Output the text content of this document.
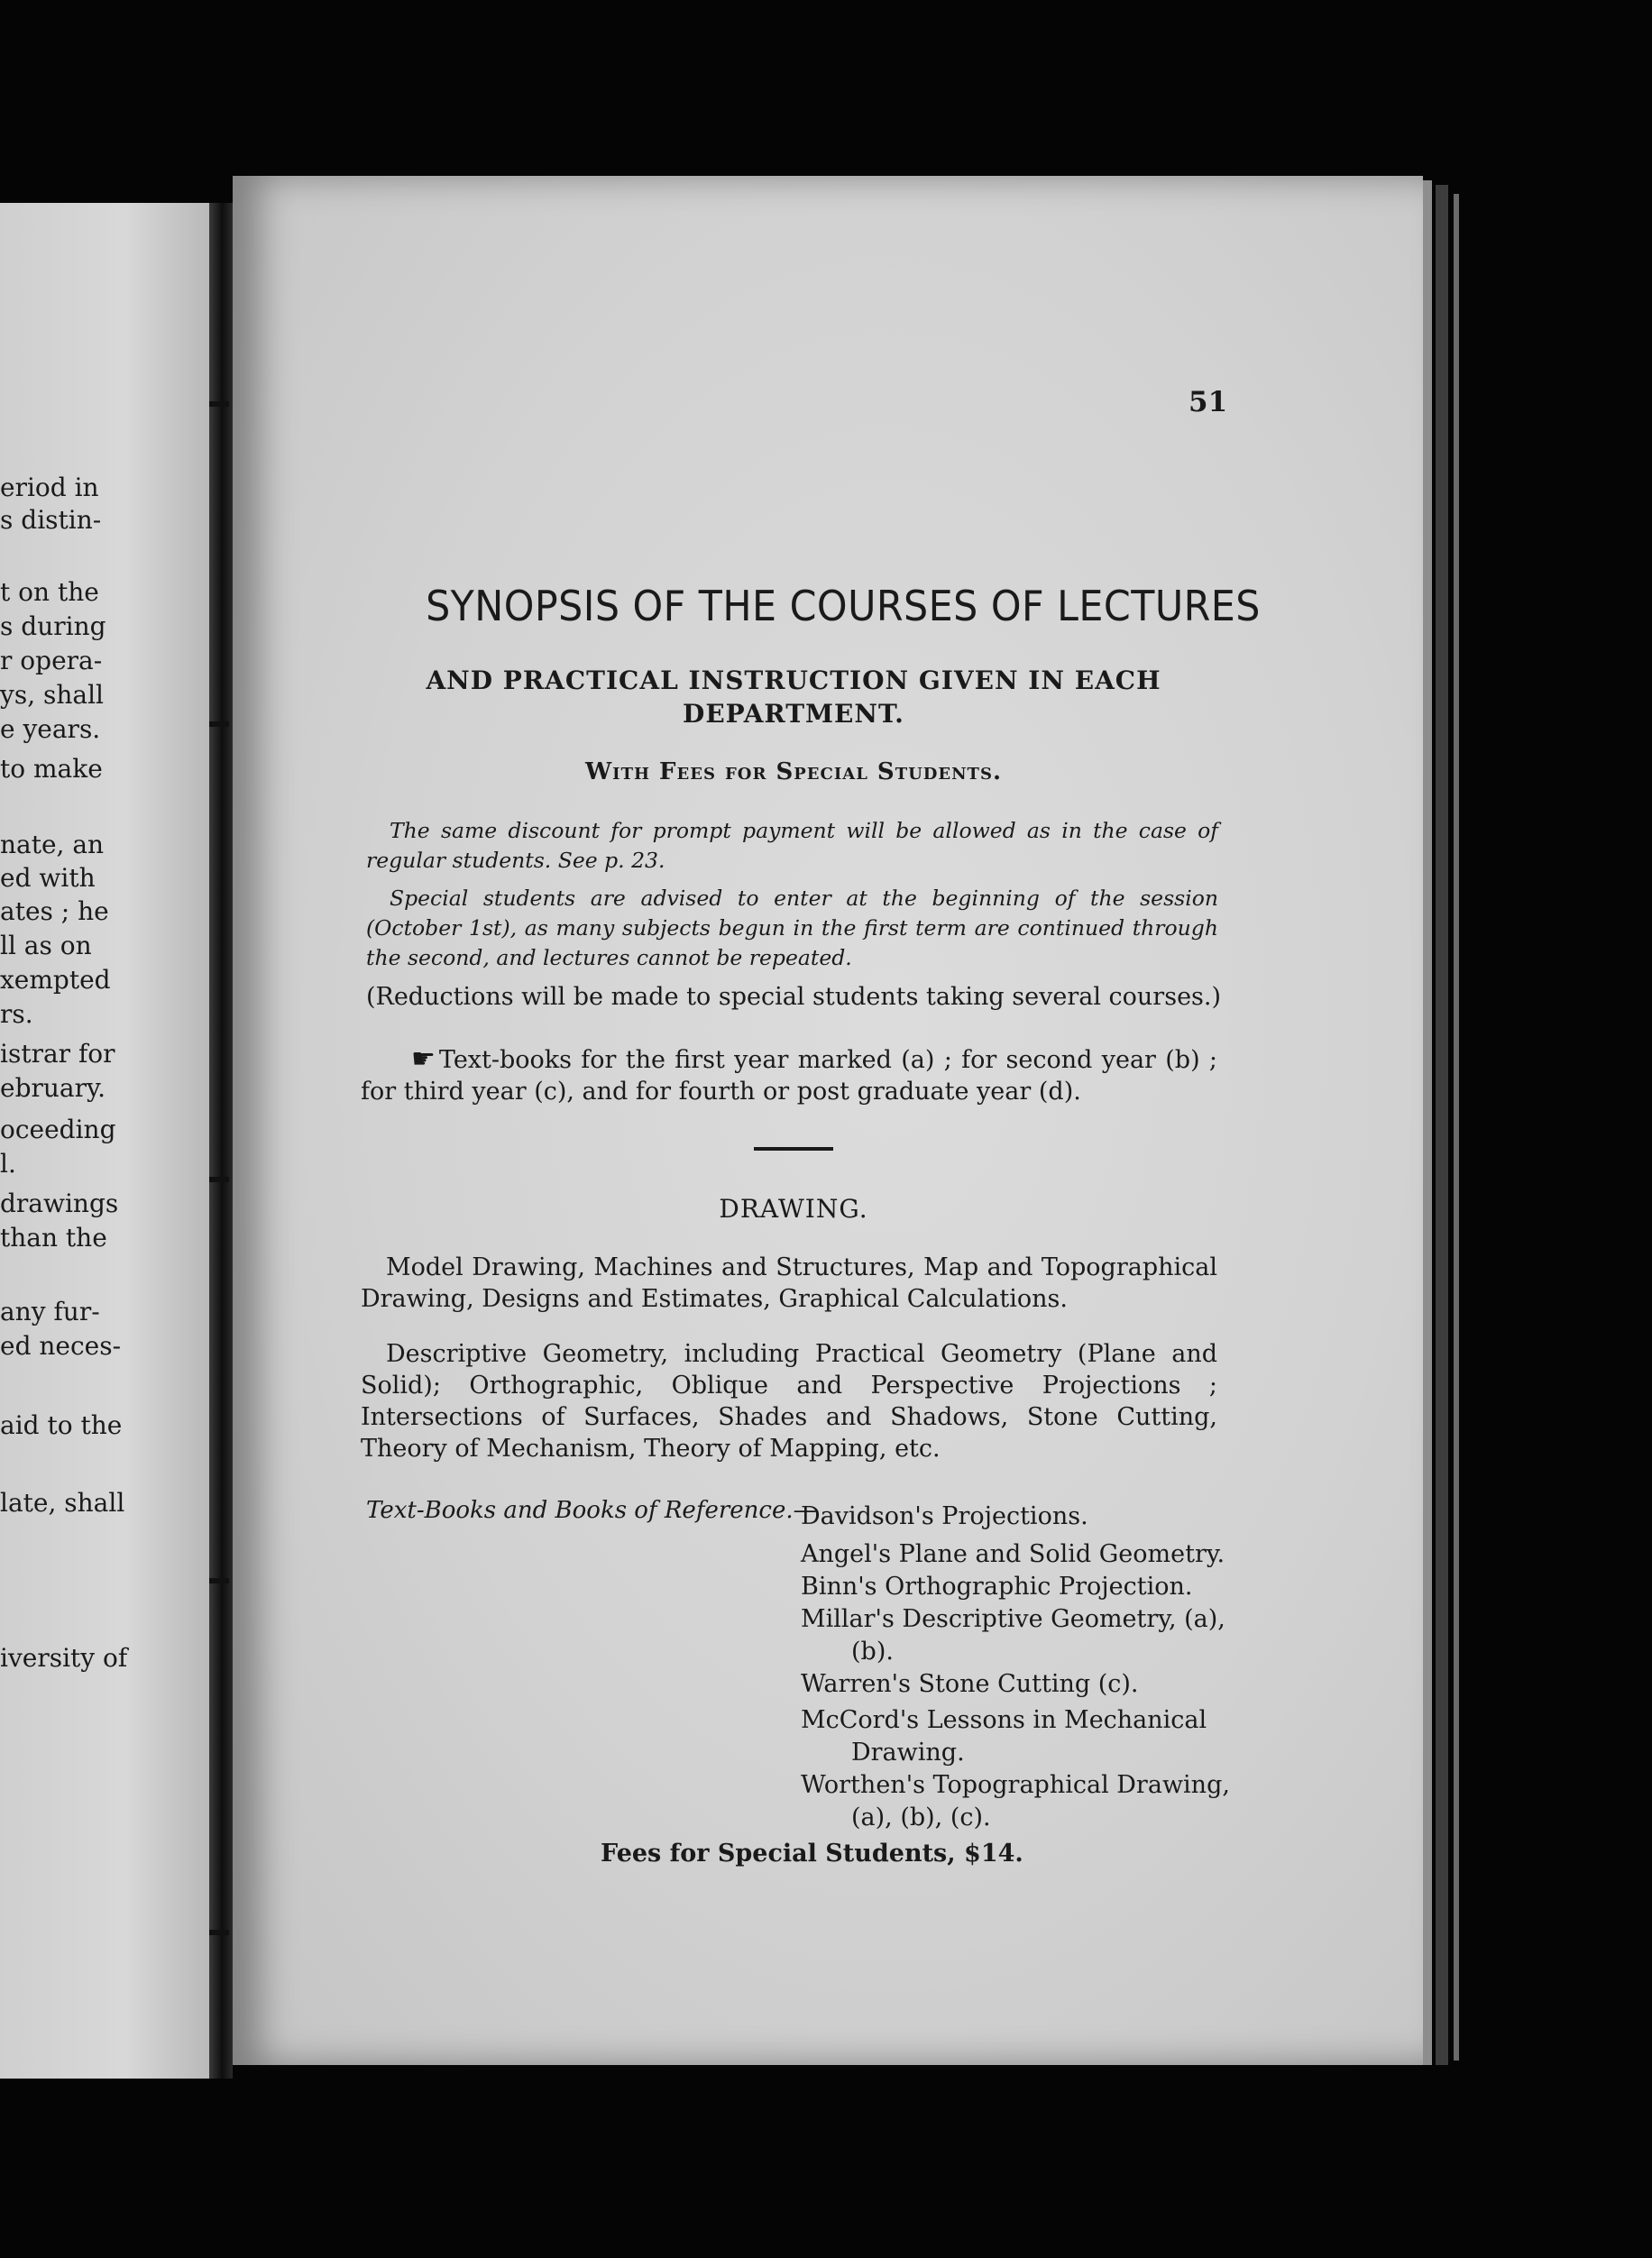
eriod in
s distin-
t on the
s during
r opera-
ys, shall
e years.
to make
nate, an
ed with
ates ; he
ll as on
xempted
rs.
istrar for
ebruary.
oceeding
l.
drawings
than the
any fur-
ed neces-
aid to the
late, shall
iversity of
51
SYNOPSIS OF THE COURSES OF LECTURES
AND PRACTICAL INSTRUCTION GIVEN IN EACH DEPARTMENT.
With Fees for Special Students.
The same discount for prompt payment will be allowed as in the case of regular students. See p. 23.
Special students are advised to enter at the beginning of the session (October 1st), as many subjects begun in the first term are continued through the second, and lectures cannot be repeated.
(Reductions will be made to special students taking several courses.)
☛ Text-books for the first year marked (a) ; for second year (b) ; for third year (c), and for fourth or post graduate year (d).
DRAWING.
Model Drawing, Machines and Structures, Map and Topographical Drawing, Designs and Estimates, Graphical Calculations.
Descriptive Geometry, including Practical Geometry (Plane and Solid); Orthographic, Oblique and Perspective Projections ; Intersections of Surfaces, Shades and Shadows, Stone Cutting, Theory of Mechanism, Theory of Mapping, etc.
Text-Books and Books of Reference.—
Davidson's Projections.
Angel's Plane and Solid Geometry.
Binn's Orthographic Projection.
Millar's Descriptive Geometry, (a), (b).
Warren's Stone Cutting (c).
McCord's Lessons in Mechanical Drawing.
Worthen's Topographical Drawing, (a), (b), (c).
Fees for Special Students, $14.
